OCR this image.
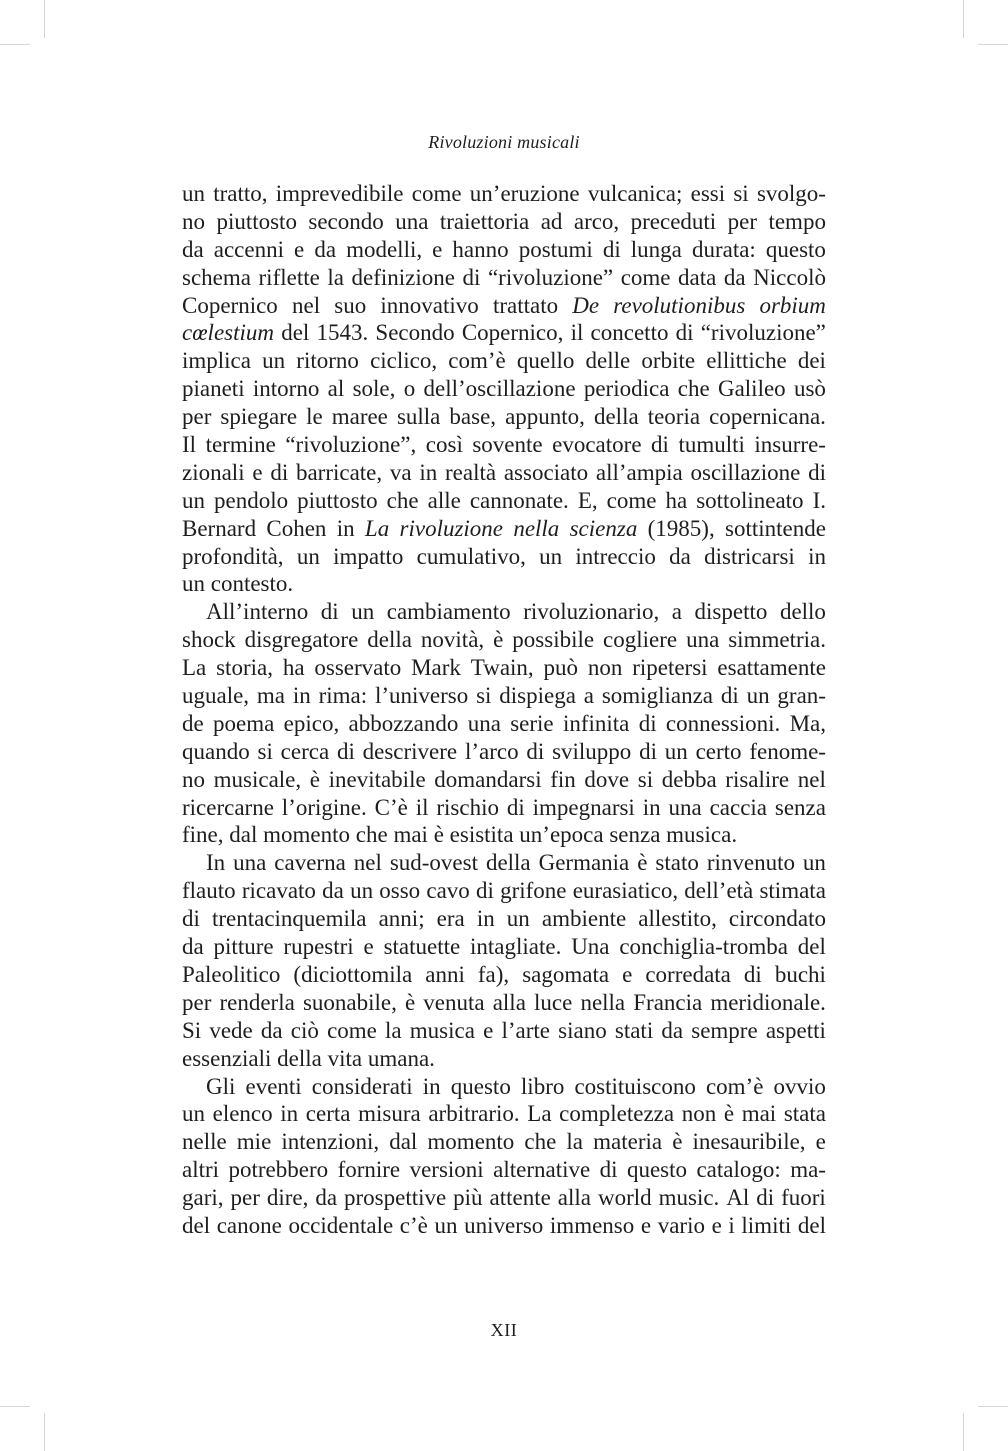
Rivoluzioni musicali
un tratto, imprevedibile come un’eruzione vulcanica; essi si svolgo-
no piuttosto secondo una traiettoria ad arco, preceduti per tempo
da accenni e da modelli, e hanno postumi di lunga durata: questo
schema riflette la definizione di “rivoluzione” come data da Niccolò
Copernico nel suo innovativo trattato De revolutionibus orbium
cœlestium del 1543. Secondo Copernico, il concetto di “rivoluzione”
implica un ritorno ciclico, com’è quello delle orbite ellittiche dei
pianeti intorno al sole, o dell’oscillazione periodica che Galileo usò
per spiegare le maree sulla base, appunto, della teoria copernicana.
Il termine “rivoluzione”, così sovente evocatore di tumulti insurre-
zionali e di barricate, va in realtà associato all’ampia oscillazione di
un pendolo piuttosto che alle cannonate. E, come ha sottolineato I.
Bernard Cohen in La rivoluzione nella scienza (1985), sottintende
profondità, un impatto cumulativo, un intreccio da districarsi in
un contesto.
All’interno di un cambiamento rivoluzionario, a dispetto dello
shock disgregatore della novità, è possibile cogliere una simmetria.
La storia, ha osservato Mark Twain, può non ripetersi esattamente
uguale, ma in rima: l’universo si dispiega a somiglianza di un gran-
de poema epico, abbozzando una serie infinita di connessioni. Ma,
quando si cerca di descrivere l’arco di sviluppo di un certo fenome-
no musicale, è inevitabile domandarsi fin dove si debba risalire nel
ricercarne l’origine. C’è il rischio di impegnarsi in una caccia senza
fine, dal momento che mai è esistita un’epoca senza musica.
In una caverna nel sud-ovest della Germania è stato rinvenuto un
flauto ricavato da un osso cavo di grifone eurasiatico, dell’età stimata
di trentacinquemila anni; era in un ambiente allestito, circondato
da pitture rupestri e statuette intagliate. Una conchiglia-tromba del
Paleolitico (diciottomila anni fa), sagomata e corredata di buchi
per renderla suonabile, è venuta alla luce nella Francia meridionale.
Si vede da ciò come la musica e l’arte siano stati da sempre aspetti
essenziali della vita umana.
Gli eventi considerati in questo libro costituiscono com’è ovvio
un elenco in certa misura arbitrario. La completezza non è mai stata
nelle mie intenzioni, dal momento che la materia è inesauribile, e
altri potrebbero fornire versioni alternative di questo catalogo: ma-
gari, per dire, da prospettive più attente alla world music. Al di fuori
del canone occidentale c’è un universo immenso e vario e i limiti del
XII
